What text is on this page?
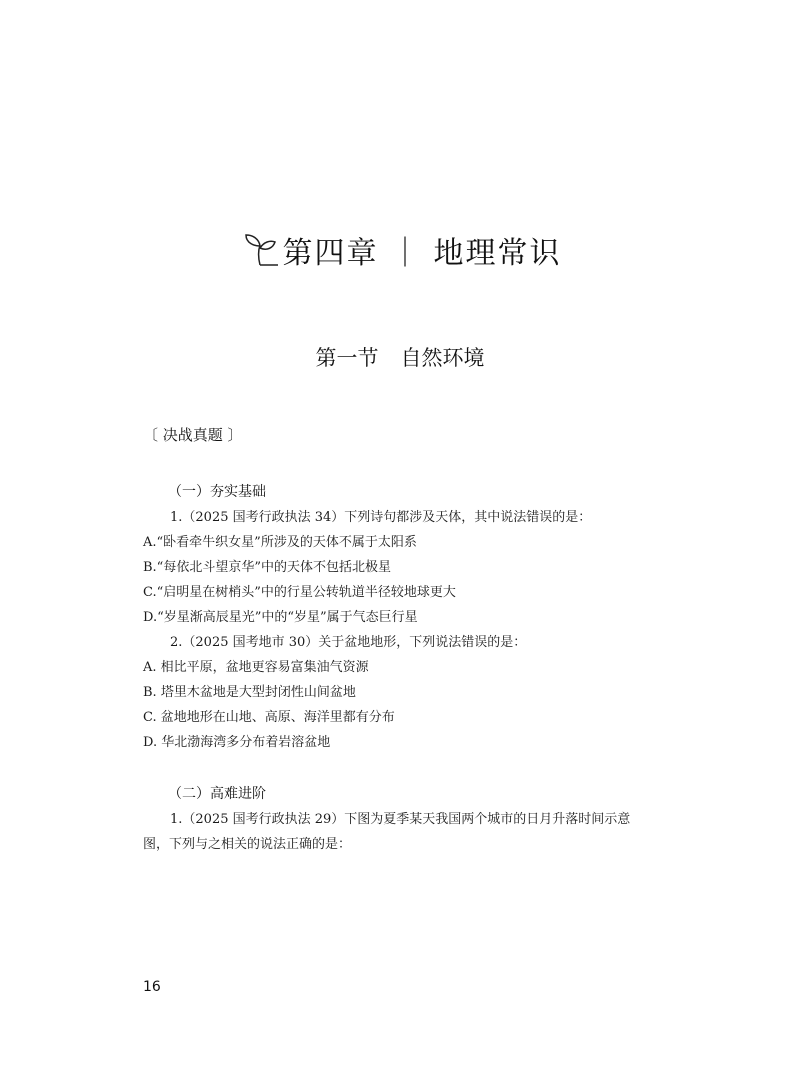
第四章 ｜ 地理常识
第一节 自然环境
〔 决战真题 〕
（一）夯实基础
1.（2025 国考行政执法 34）下列诗句都涉及天体，其中说法错误的是：
A.“卧看牵牛织女星”所涉及的天体不属于太阳系
B.“每依北斗望京华”中的天体不包括北极星
C.“启明星在树梢头”中的行星公转轨道半径较地球更大
D.“岁星渐高辰星光”中的“岁星”属于气态巨行星
2.（2025 国考地市 30）关于盆地地形，下列说法错误的是：
A. 相比平原，盆地更容易富集油气资源
B. 塔里木盆地是大型封闭性山间盆地
C. 盆地地形在山地、高原、海洋里都有分布
D. 华北渤海湾多分布着岩溶盆地
（二）高难进阶
1.（2025 国考行政执法 29）下图为夏季某天我国两个城市的日月升落时间示意
图，下列与之相关的说法正确的是：
16
